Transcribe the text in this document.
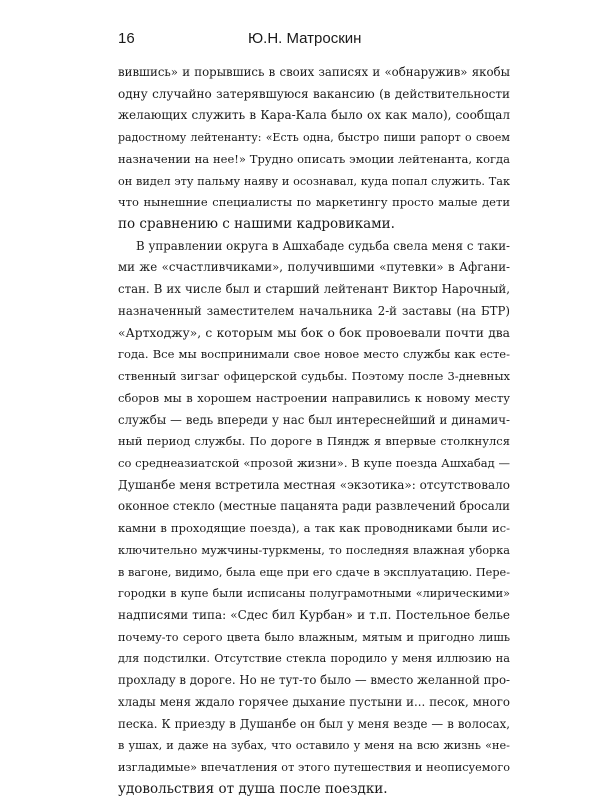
16	Ю.Н. Матроскин
вившись» и порывшись в своих записях и «обнаружив» якобы
одну случайно затерявшуюся вакансию (в действительности
желающих служить в Кара-Кала было ох как мало), сообщал
радостному лейтенанту: «Есть одна, быстро пиши рапорт о своем
назначении на нее!» Трудно описать эмоции лейтенанта, когда
он видел эту пальму наяву и осознавал, куда попал служить. Так
что нынешние специалисты по маркетингу просто малые дети
по сравнению с нашими кадровиками.
В управлении округа в Ашхабаде судьба свела меня с таки-
ми же «счастливчиками», получившими «путевки» в Афгани-
стан. В их числе был и старший лейтенант Виктор Нарочный,
назначенный заместителем начальника 2-й заставы (на БТР)
«Артходжу», с которым мы бок о бок провоевали почти два
года. Все мы воспринимали свое новое место службы как есте-
ственный зигзаг офицерской судьбы. Поэтому после 3-дневных
сборов мы в хорошем настроении направились к новому месту
службы — ведь впереди у нас был интереснейший и динамич-
ный период службы. По дороге в Пяндж я впервые столкнулся
со среднеазиатской «прозой жизни». В купе поезда Ашхабад —
Душанбе меня встретила местная «экзотика»: отсутствовало
оконное стекло (местные пацанята ради развлечений бросали
камни в проходящие поезда), а так как проводниками были ис-
ключительно мужчины-туркмены, то последняя влажная уборка
в вагоне, видимо, была еще при его сдаче в эксплуатацию. Пере-
городки в купе были исписаны полуграмотными «лирическими»
надписями типа: «Сдес бил Курбан» и т.п. Постельное белье
почему-то серого цвета было влажным, мятым и пригодно лишь
для подстилки. Отсутствие стекла породило у меня иллюзию на
прохладу в дороге. Но не тут-то было — вместо желанной про-
хлады меня ждало горячее дыхание пустыни и... песок, много
песка. К приезду в Душанбе он был у меня везде — в волосах,
в ушах, и даже на зубах, что оставило у меня на всю жизнь «не-
изгладимые» впечатления от этого путешествия и неописуемого
удовольствия от душа после поездки.
